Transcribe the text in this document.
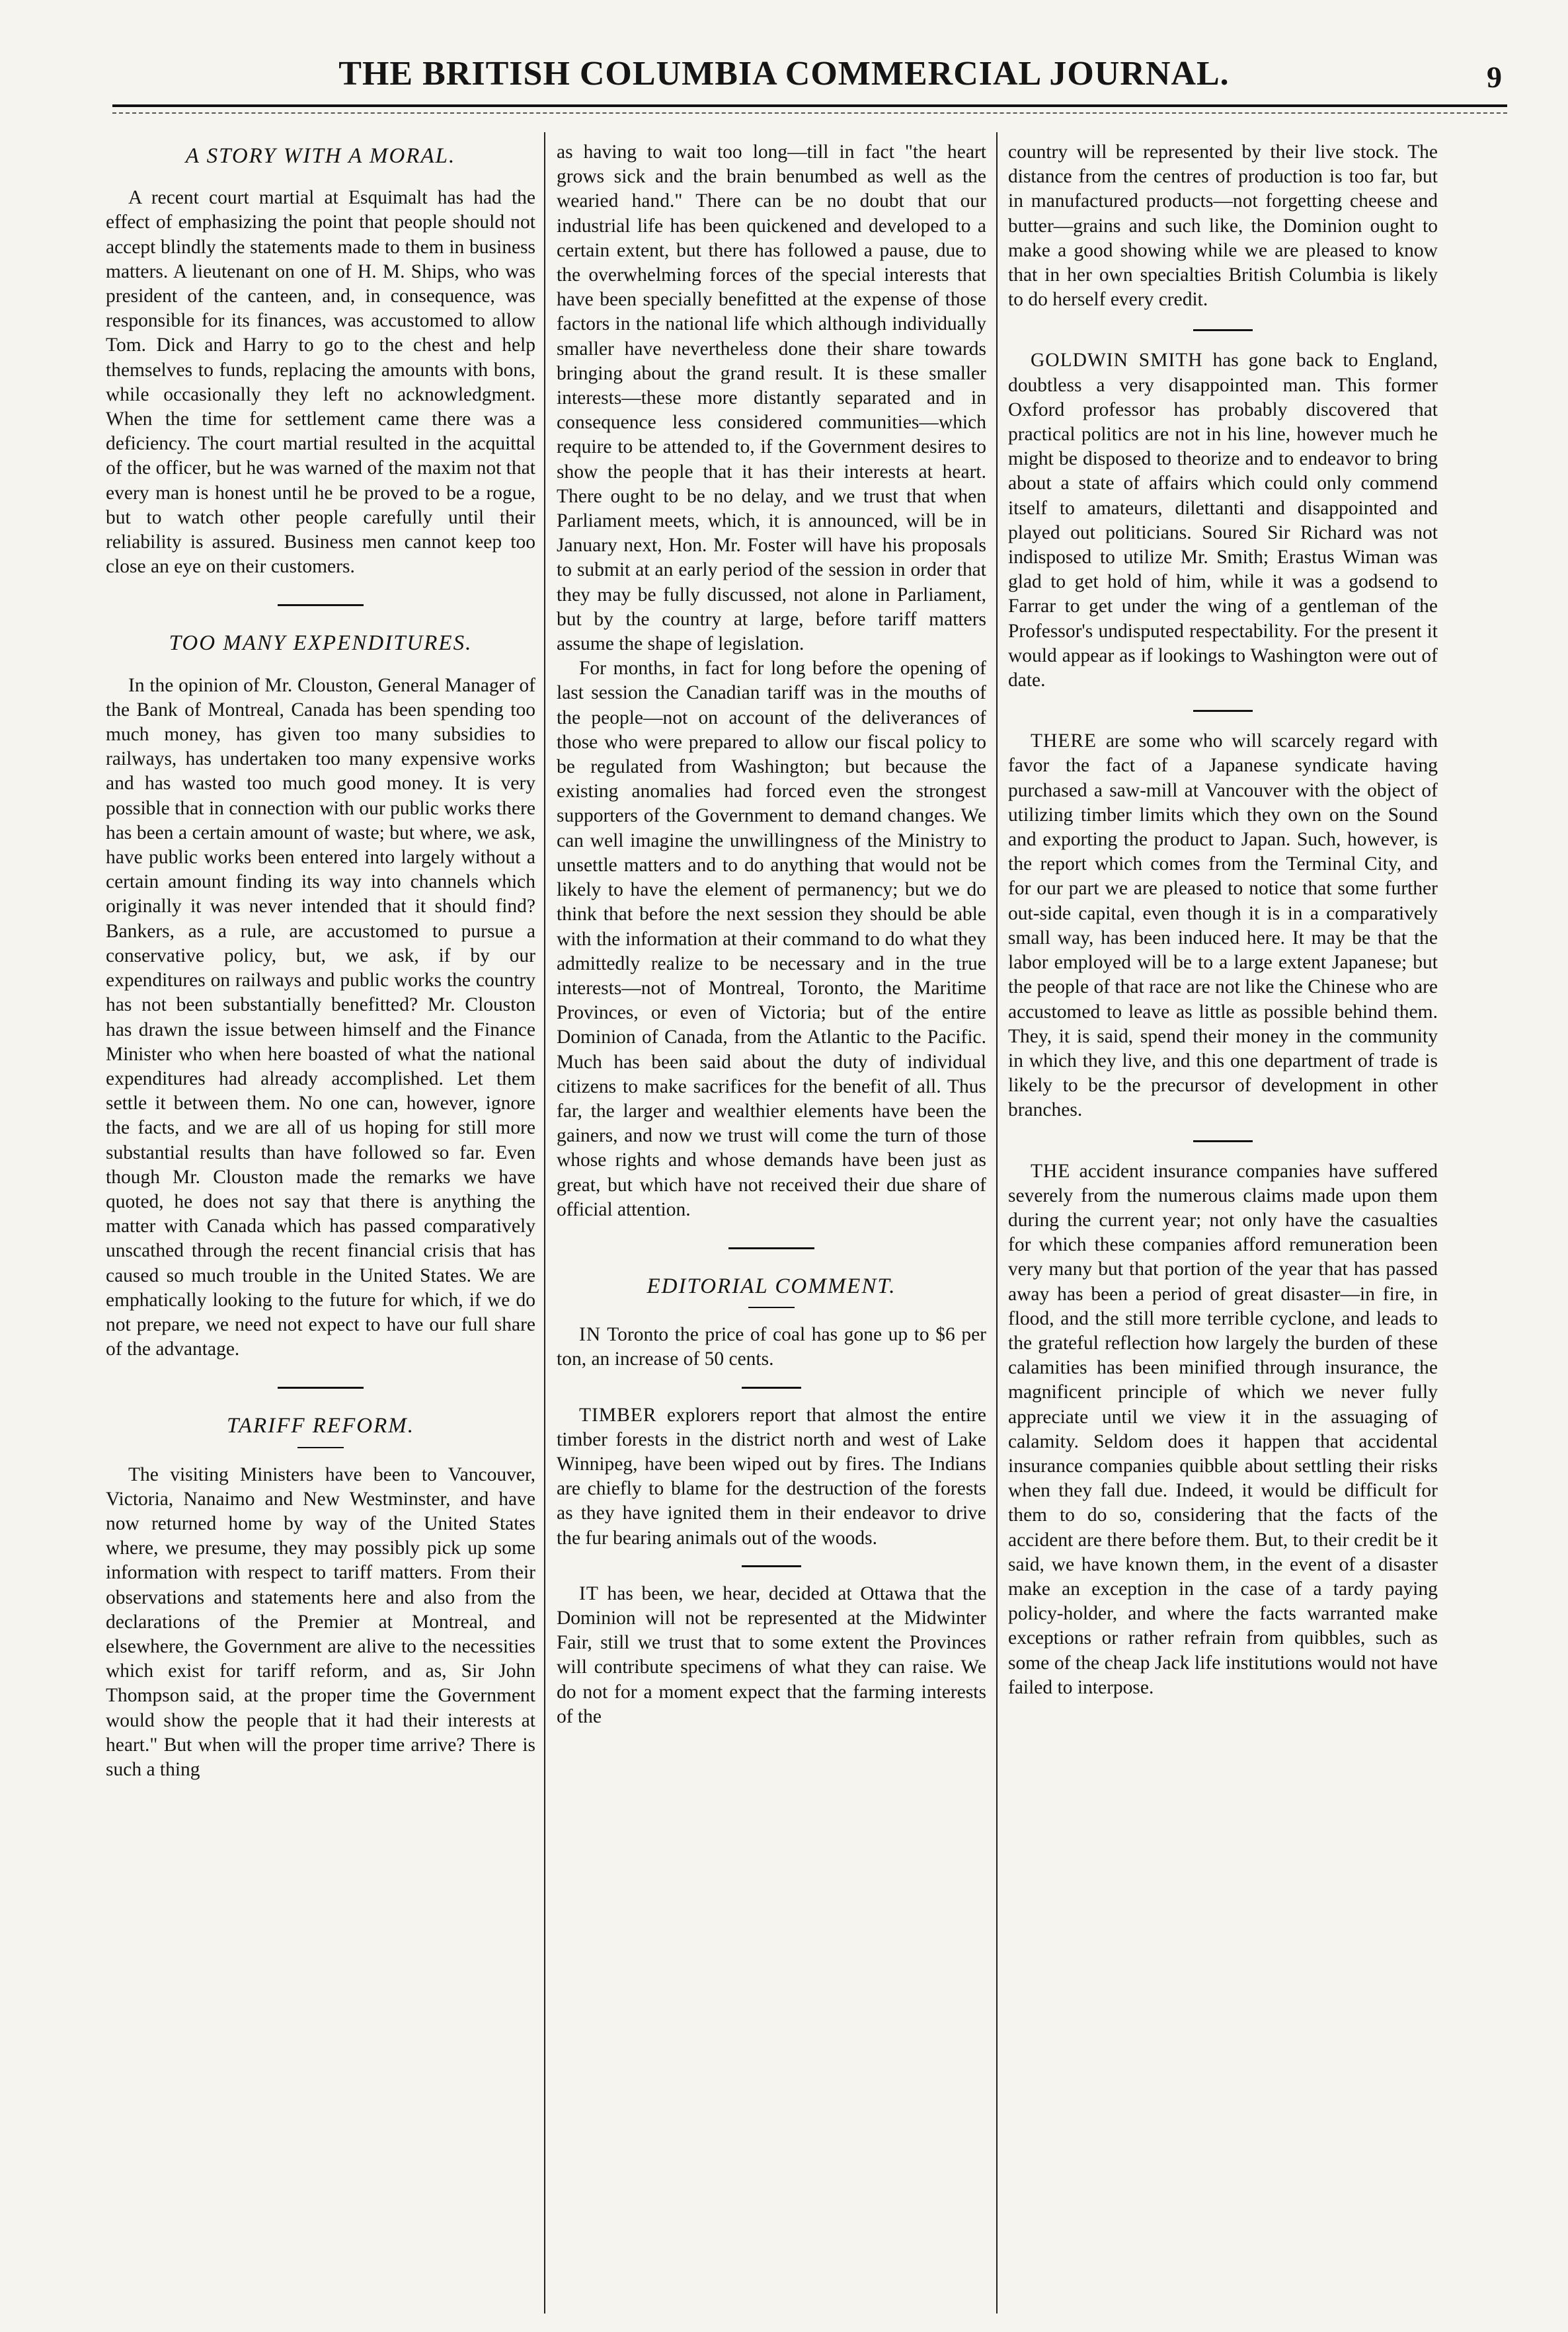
THE BRITISH COLUMBIA COMMERCIAL JOURNAL.	9
A STORY WITH A MORAL.

A recent court martial at Esquimalt has had the effect of emphasizing the point that people should not accept blindly the statements made to them in business matters. A lieutenant on one of H. M. Ships, who was president of the canteen, and, in consequence, was responsible for its finances, was accustomed to allow Tom. Dick and Harry to go to the chest and help themselves to funds, replacing the amounts with bons, while occasionally they left no acknowledgment. When the time for settlement came there was a deficiency. The court martial resulted in the acquittal of the officer, but he was warned of the maxim not that every man is honest until he be proved to be a rogue, but to watch other people carefully until their reliability is assured. Business men cannot keep too close an eye on their customers.

TOO MANY EXPENDITURES.

In the opinion of Mr. Clouston, General Manager of the Bank of Montreal, Canada has been spending too much money, has given too many subsidies to railways, has undertaken too many expensive works and has wasted too much good money. It is very possible that in connection with our public works there has been a certain amount of waste; but where, we ask, have public works been entered into largely without a certain amount finding its way into channels which originally it was never intended that it should find? Bankers, as a rule, are accustomed to pursue a conservative policy, but, we ask, if by our expenditures on railways and public works the country has not been substantially benefitted? Mr. Clouston has drawn the issue between himself and the Finance Minister who when here boasted of what the national expenditures had already accomplished. Let them settle it between them. No one can, however, ignore the facts, and we are all of us hoping for still more substantial results than have followed so far. Even though Mr. Clouston made the remarks we have quoted, he does not say that there is anything the matter with Canada which has passed comparatively unscathed through the recent financial crisis that has caused so much trouble in the United States. We are emphatically looking to the future for which, if we do not prepare, we need not expect to have our full share of the advantage.

TARIFF REFORM.

The visiting Ministers have been to Vancouver, Victoria, Nanaimo and New Westminster, and have now returned home by way of the United States where, we presume, they may possibly pick up some information with respect to tariff matters. From their observations and statements here and also from the declarations of the Premier at Montreal, and elsewhere, the Government are alive to the necessities which exist for tariff reform, and as, Sir John Thompson said, at the proper time the Government would show the people that it had their interests at heart." But when will the proper time arrive? There is such a thing

as having to wait too long—till in fact "the heart grows sick and the brain benumbed as well as the wearied hand." There can be no doubt that our industrial life has been quickened and developed to a certain extent, but there has followed a pause, due to the overwhelming forces of the special interests that have been specially benefitted at the expense of those factors in the national life which although individually smaller have nevertheless done their share towards bringing about the grand result. It is these smaller interests—these more distantly separated and in consequence less considered communities—which require to be attended to, if the Government desires to show the people that it has their interests at heart. There ought to be no delay, and we trust that when Parliament meets, which, it is announced, will be in January next, Hon. Mr. Foster will have his proposals to submit at an early period of the session in order that they may be fully discussed, not alone in Parliament, but by the country at large, before tariff matters assume the shape of legislation.

For months, in fact for long before the opening of last session the Canadian tariff was in the mouths of the people—not on account of the deliverances of those who were prepared to allow our fiscal policy to be regulated from Washington; but because the existing anomalies had forced even the strongest supporters of the Government to demand changes. We can well imagine the unwillingness of the Ministry to unsettle matters and to do anything that would not be likely to have the element of permanency; but we do think that before the next session they should be able with the information at their command to do what they admittedly realize to be necessary and in the true interests—not of Montreal, Toronto, the Maritime Provinces, or even of Victoria; but of the entire Dominion of Canada, from the Atlantic to the Pacific. Much has been said about the duty of individual citizens to make sacrifices for the benefit of all. Thus far, the larger and wealthier elements have been the gainers, and now we trust will come the turn of those whose rights and whose demands have been just as great, but which have not received their due share of official attention.

EDITORIAL COMMENT.

IN Toronto the price of coal has gone up to $6 per ton, an increase of 50 cents.

TIMBER explorers report that almost the entire timber forests in the district north and west of Lake Winnipeg, have been wiped out by fires. The Indians are chiefly to blame for the destruction of the forests as they have ignited them in their endeavor to drive the fur bearing animals out of the woods.

IT has been, we hear, decided at Ottawa that the Dominion will not be represented at the Midwinter Fair, still we trust that to some extent the Provinces will contribute specimens of what they can raise. We do not for a moment expect that the farming interests of the

country will be represented by their live stock. The distance from the centres of production is too far, but in manufactured products—not forgetting cheese and butter—grains and such like, the Dominion ought to make a good showing while we are pleased to know that in her own specialties British Columbia is likely to do herself every credit.

GOLDWIN SMITH has gone back to England, doubtless a very disappointed man. This former Oxford professor has probably discovered that practical politics are not in his line, however much he might be disposed to theorize and to endeavor to bring about a state of affairs which could only commend itself to amateurs, dilettanti and disappointed and played out politicians. Soured Sir Richard was not indisposed to utilize Mr. Smith; Erastus Wiman was glad to get hold of him, while it was a godsend to Farrar to get under the wing of a gentleman of the Professor's undisputed respectability. For the present it would appear as if lookings to Washington were out of date.

THERE are some who will scarcely regard with favor the fact of a Japanese syndicate having purchased a saw-mill at Vancouver with the object of utilizing timber limits which they own on the Sound and exporting the product to Japan. Such, however, is the report which comes from the Terminal City, and for our part we are pleased to notice that some further out-side capital, even though it is in a comparatively small way, has been induced here. It may be that the labor employed will be to a large extent Japanese; but the people of that race are not like the Chinese who are accustomed to leave as little as possible behind them. They, it is said, spend their money in the community in which they live, and this one department of trade is likely to be the precursor of development in other branches.

THE accident insurance companies have suffered severely from the numerous claims made upon them during the current year; not only have the casualties for which these companies afford remuneration been very many but that portion of the year that has passed away has been a period of great disaster—in fire, in flood, and the still more terrible cyclone, and leads to the grateful reflection how largely the burden of these calamities has been minified through insurance, the magnificent principle of which we never fully appreciate until we view it in the assuaging of calamity. Seldom does it happen that accidental insurance companies quibble about settling their risks when they fall due. Indeed, it would be difficult for them to do so, considering that the facts of the accident are there before them. But, to their credit be it said, we have known them, in the event of a disaster make an exception in the case of a tardy paying policy-holder, and where the facts warranted make exceptions or rather refrain from quibbles, such as some of the cheap Jack life institutions would not have failed to interpose.
